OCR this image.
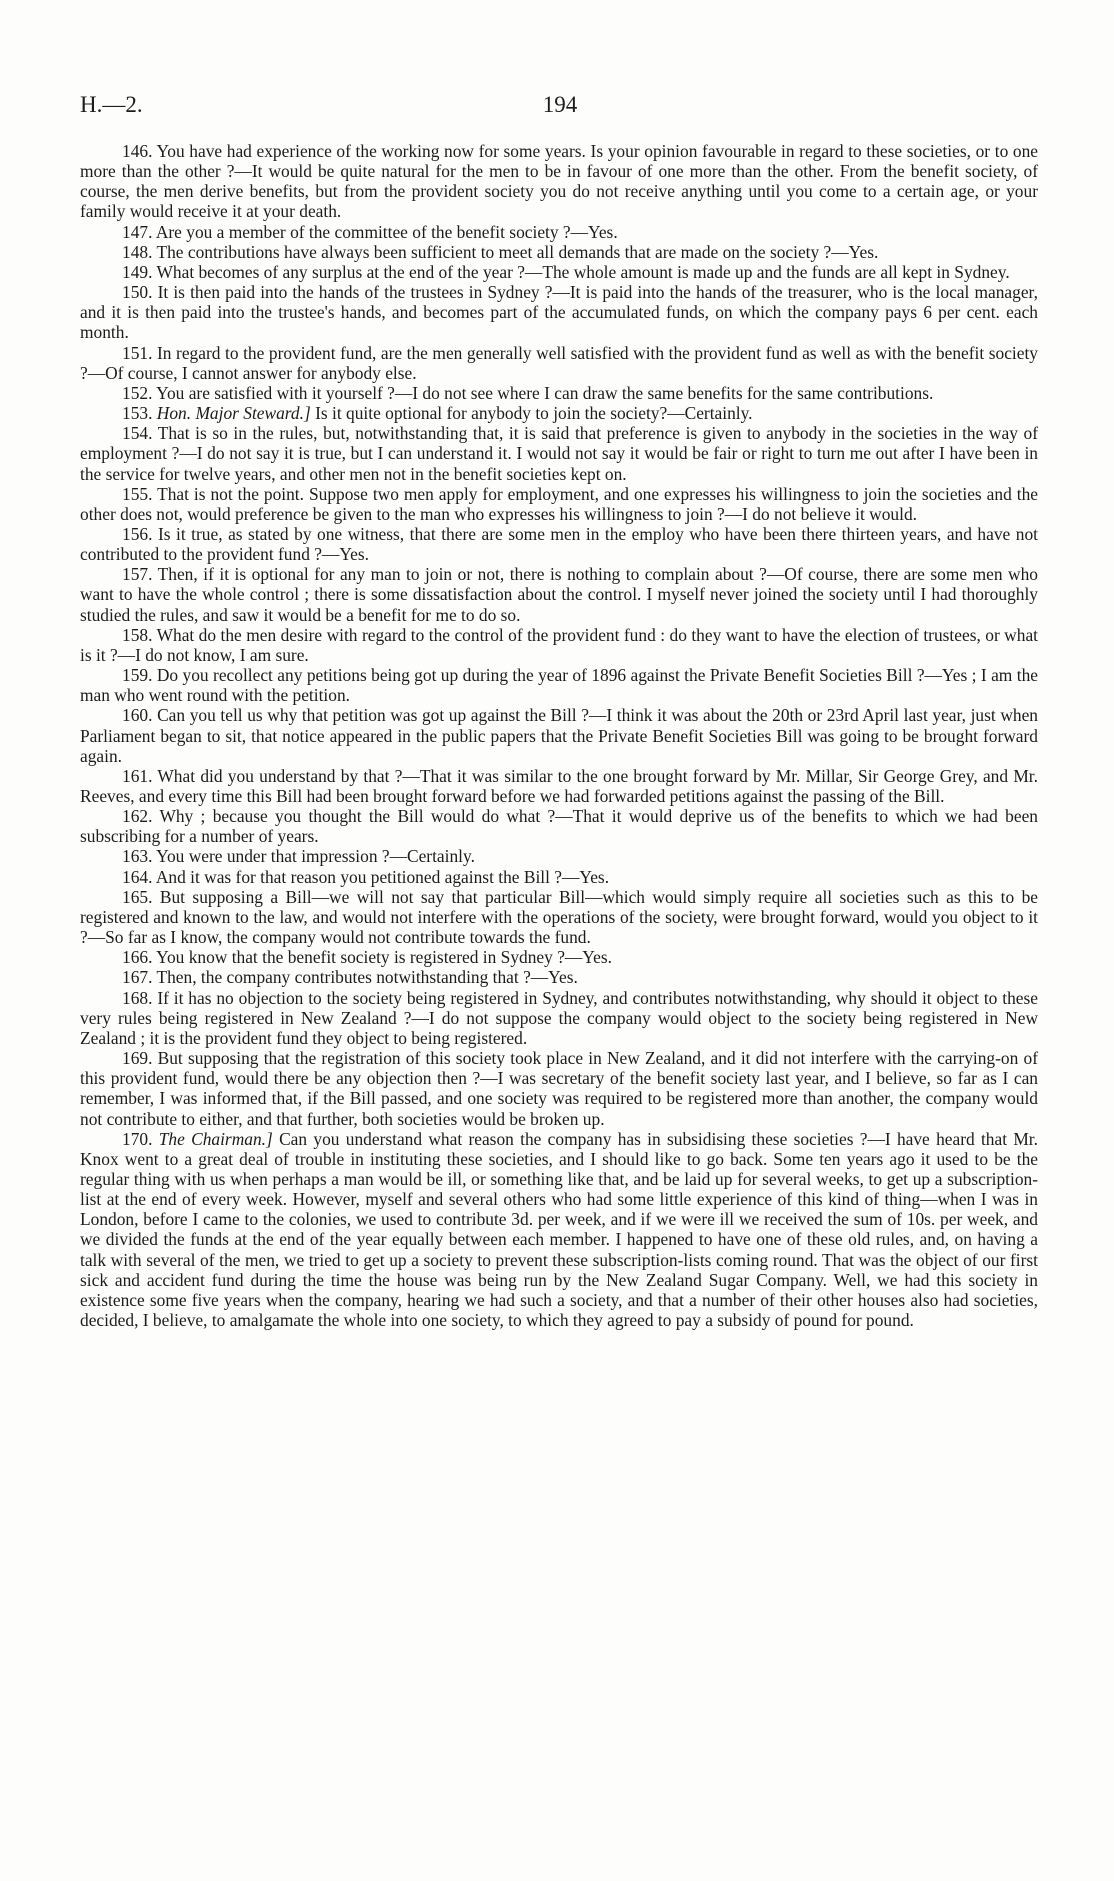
H.—2.	194

146. You have had experience of the working now for some years. Is your opinion favourable in regard to these societies, or to one more than the other ?—It would be quite natural for the men to be in favour of one more than the other. From the benefit society, of course, the men derive benefits, but from the provident society you do not receive anything until you come to a certain age, or your family would receive it at your death.

147. Are you a member of the committee of the benefit society ?—Yes.

148. The contributions have always been sufficient to meet all demands that are made on the society ?—Yes.

149. What becomes of any surplus at the end of the year ?—The whole amount is made up and the funds are all kept in Sydney.

150. It is then paid into the hands of the trustees in Sydney ?—It is paid into the hands of the treasurer, who is the local manager, and it is then paid into the trustee's hands, and becomes part of the accumulated funds, on which the company pays 6 per cent. each month.

151. In regard to the provident fund, are the men generally well satisfied with the provident fund as well as with the benefit society ?—Of course, I cannot answer for anybody else.

152. You are satisfied with it yourself ?—I do not see where I can draw the same benefits for the same contributions.

153. Hon. Major Steward.] Is it quite optional for anybody to join the society?—Certainly.

154. That is so in the rules, but, notwithstanding that, it is said that preference is given to anybody in the societies in the way of employment ?—I do not say it is true, but I can understand it. I would not say it would be fair or right to turn me out after I have been in the service for twelve years, and other men not in the benefit societies kept on.

155. That is not the point. Suppose two men apply for employment, and one expresses his willingness to join the societies and the other does not, would preference be given to the man who expresses his willingness to join ?—I do not believe it would.

156. Is it true, as stated by one witness, that there are some men in the employ who have been there thirteen years, and have not contributed to the provident fund ?—Yes.

157. Then, if it is optional for any man to join or not, there is nothing to complain about ?—Of course, there are some men who want to have the whole control ; there is some dissatisfaction about the control. I myself never joined the society until I had thoroughly studied the rules, and saw it would be a benefit for me to do so.

158. What do the men desire with regard to the control of the provident fund : do they want to have the election of trustees, or what is it ?—I do not know, I am sure.

159. Do you recollect any petitions being got up during the year of 1896 against the Private Benefit Societies Bill ?—Yes ; I am the man who went round with the petition.

160. Can you tell us why that petition was got up against the Bill ?—I think it was about the 20th or 23rd April last year, just when Parliament began to sit, that notice appeared in the public papers that the Private Benefit Societies Bill was going to be brought forward again.

161. What did you understand by that ?—That it was similar to the one brought forward by Mr. Millar, Sir George Grey, and Mr. Reeves, and every time this Bill had been brought forward before we had forwarded petitions against the passing of the Bill.

162. Why ; because you thought the Bill would do what ?—That it would deprive us of the benefits to which we had been subscribing for a number of years.

163. You were under that impression ?—Certainly.

164. And it was for that reason you petitioned against the Bill ?—Yes.

165. But supposing a Bill—we will not say that particular Bill—which would simply require all societies such as this to be registered and known to the law, and would not interfere with the operations of the society, were brought forward, would you object to it ?—So far as I know, the company would not contribute towards the fund.

166. You know that the benefit society is registered in Sydney ?—Yes.

167. Then, the company contributes notwithstanding that ?—Yes.

168. If it has no objection to the society being registered in Sydney, and contributes notwithstanding, why should it object to these very rules being registered in New Zealand ?—I do not suppose the company would object to the society being registered in New Zealand ; it is the provident fund they object to being registered.

169. But supposing that the registration of this society took place in New Zealand, and it did not interfere with the carrying-on of this provident fund, would there be any objection then ?—I was secretary of the benefit society last year, and I believe, so far as I can remember, I was informed that, if the Bill passed, and one society was required to be registered more than another, the company would not contribute to either, and that further, both societies would be broken up.

170. The Chairman.] Can you understand what reason the company has in subsidising these societies ?—I have heard that Mr. Knox went to a great deal of trouble in instituting these societies, and I should like to go back. Some ten years ago it used to be the regular thing with us when perhaps a man would be ill, or something like that, and be laid up for several weeks, to get up a subscription-list at the end of every week. However, myself and several others who had some little experience of this kind of thing—when I was in London, before I came to the colonies, we used to contribute 3d. per week, and if we were ill we received the sum of 10s. per week, and we divided the funds at the end of the year equally between each member. I happened to have one of these old rules, and, on having a talk with several of the men, we tried to get up a society to prevent these subscription-lists coming round. That was the object of our first sick and accident fund during the time the house was being run by the New Zealand Sugar Company. Well, we had this society in existence some five years when the company, hearing we had such a society, and that a number of their other houses also had societies, decided, I believe, to amalgamate the whole into one society, to which they agreed to pay a subsidy of pound for pound.
